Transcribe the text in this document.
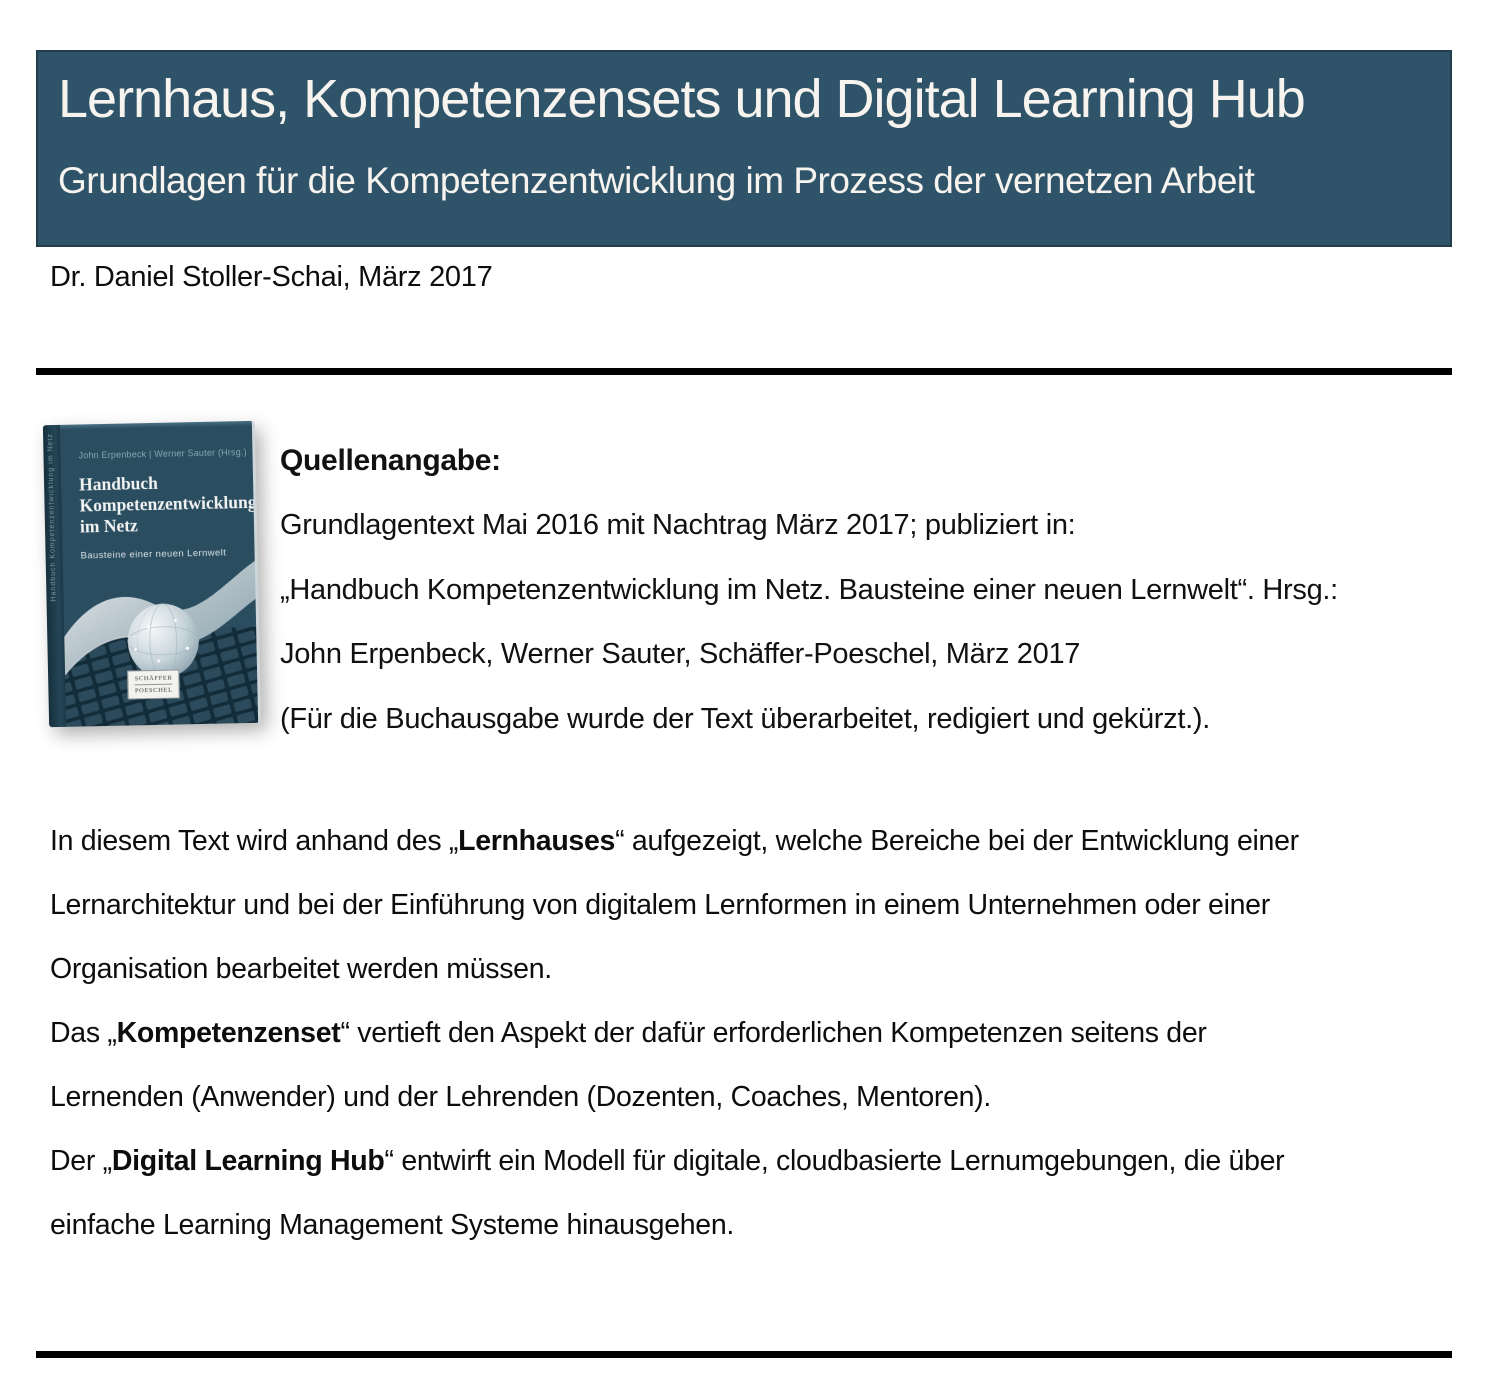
Lernhaus, Kompetenzensets und Digital Learning Hub
Grundlagen für die Kompetenzentwicklung im Prozess der vernetzen Arbeit
Dr. Daniel Stoller-Schai, März 2017
Handbuch Kompetenzentwicklung im Netz John Erpenbeck | Werner Sauter (Hrsg.)
Handbuch Kompetenzentwicklung im Netz
Bausteine einer neuen Lernwelt
SCHÄFFER
POESCHEL
Quellenangabe:
Grundlagentext Mai 2016 mit Nachtrag März 2017; publiziert in:
„Handbuch Kompetenzentwicklung im Netz. Bausteine einer neuen Lernwelt“. Hrsg.:
John Erpenbeck, Werner Sauter, Schäffer-Poeschel, März 2017
(Für die Buchausgabe wurde der Text überarbeitet, redigiert und gekürzt.).
In diesem Text wird anhand des „Lernhauses“ aufgezeigt, welche Bereiche bei der Entwicklung einer
Lernarchitektur und bei der Einführung von digitalem Lernformen in einem Unternehmen oder einer
Organisation bearbeitet werden müssen.
Das „Kompetenzenset“ vertieft den Aspekt der dafür erforderlichen Kompetenzen seitens der
Lernenden (Anwender) und der Lehrenden (Dozenten, Coaches, Mentoren).
Der „Digital Learning Hub“ entwirft ein Modell für digitale, cloudbasierte Lernumgebungen, die über
einfache Learning Management Systeme hinausgehen.
